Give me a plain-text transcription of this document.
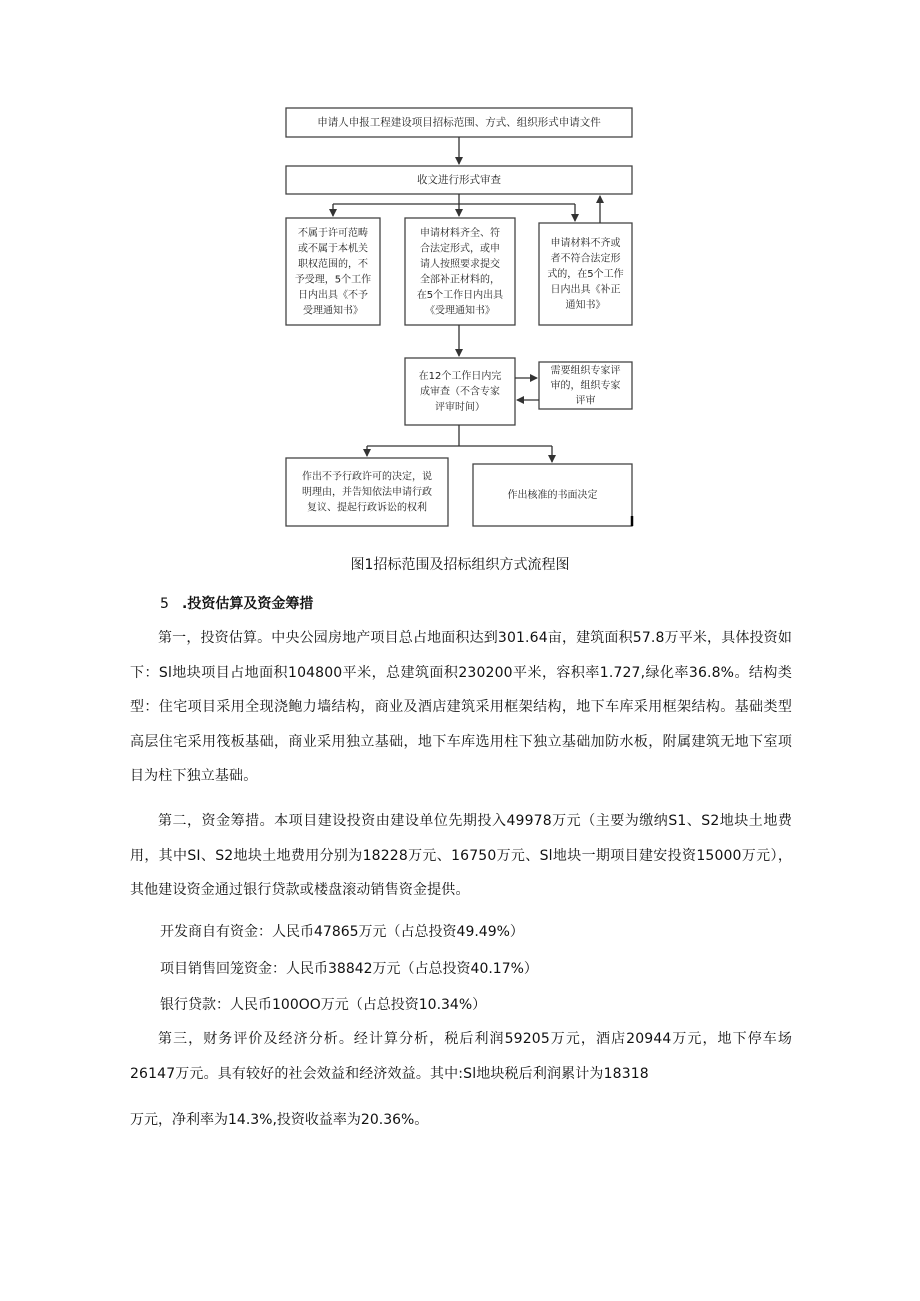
申请人申报工程建设项目招标范围、方式、组织形式申请文件
收文进行形式审查
不属于许可范畴
或不属于本机关
职权范围的，不
予受理，5个工作
日内出具《不予
受理通知书》
申请材料齐全、符
合法定形式，或申
请人按照要求提交
全部补正材料的，
在5个工作日内出具
《受理通知书》
申请材料不齐或
者不符合法定形
式的，在5个工作
日内出具《补正
通知书》
在12个工作日内完
成审查（不含专家
评审时间）
需要组织专家评
审的，组织专家
评审
作出不予行政许可的决定，说
明理由，并告知依法申请行政
复议、提起行政诉讼的权利
作出核准的书面决定

图1招标范围及招标组织方式流程图

5 .投资估算及资金筹措

第一，投资估算。中央公园房地产项目总占地面积达到301.64亩，建筑面积57.8万平米，具体投资如下：Sl地块项目占地面积104800平米，总建筑面积230200平米，容积率1.727,绿化率36.8%。结构类型：住宅项目采用全现浇鲍力墙结构，商业及酒店建筑采用框架结构，地下车库采用框架结构。基础类型 高层住宅采用筏板基础，商业采用独立基础，地下车库选用柱下独立基础加防水板，附属建筑无地下室项目为柱下独立基础。

第二，资金筹措。本项目建设投资由建设单位先期投入49978万元（主要为缴纳S1、S2地块土地费用，其中SI、S2地块土地费用分别为18228万元、16750万元、Sl地块一期项目建安投资15000万元），其他建设资金通过银行贷款或楼盘滚动销售资金提供。

开发商自有资金：人民币47865万元（占总投资49.49%）

项目销售回笼资金：人民币38842万元（占总投资40.17%）

银行贷款：人民币100OO万元（占总投资10.34%）

第三，财务评价及经济分析。经计算分析，税后利润59205万元，酒店20944万元，地下停车场26147万元。具有较好的社会效益和经济效益。其中:Sl地块税后利润累计为18318

万元，净利率为14.3%,投资收益率为20.36%。
